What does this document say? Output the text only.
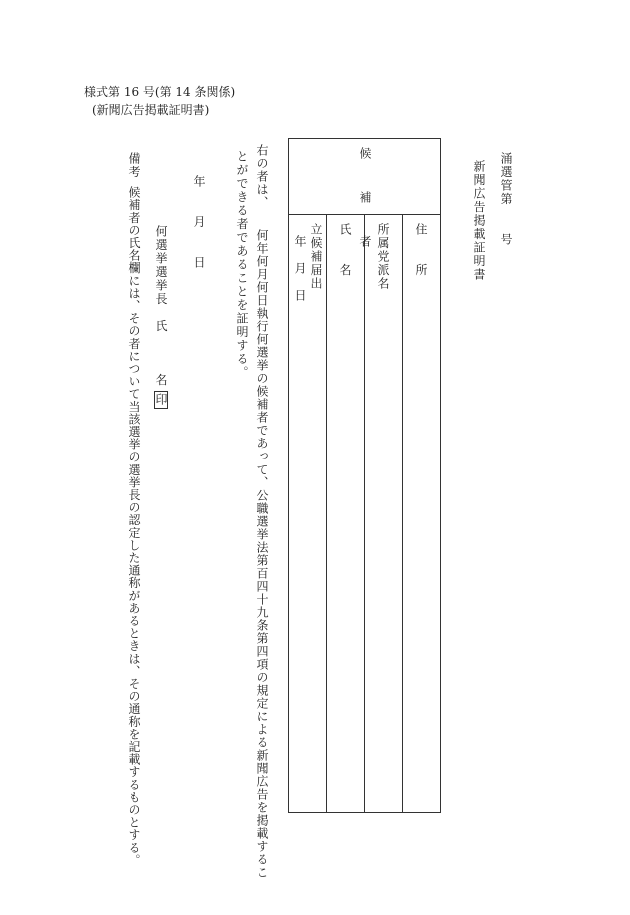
様式第 16 号(第 14 条関係)
(新聞広告掲載証明書)
涌選管第　　号
新聞広告掲載証明書
候　補　者	住　　所
所属党派名
氏　　名
立候補届出
年　月　日
右の者は、　　何年何月何日執行何選挙の候補者であって、公職選挙法第百四十九条第四項の規定による新聞広告を掲載するこ
とができる者であることを証明する。
年　　月　　日
何選挙選挙長　氏　　　名印
備考
候補者の氏名欄には、その者について当該選挙の選挙長の認定した通称があるときは、その通称を記載するものとする。
